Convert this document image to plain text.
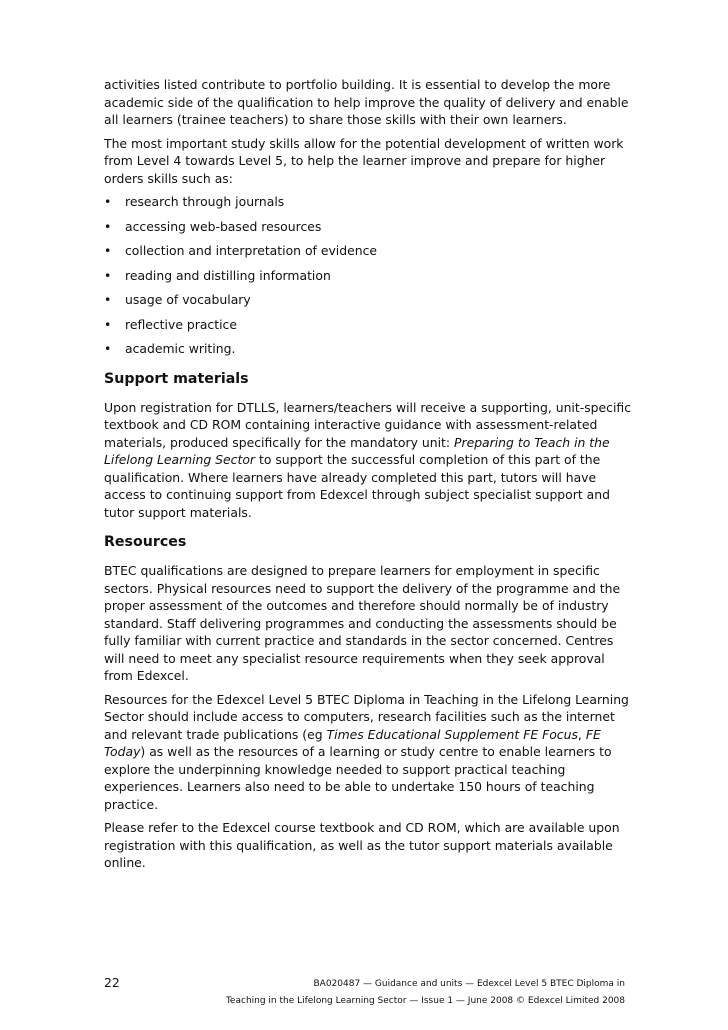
activities listed contribute to portfolio building. It is essential to develop the more academic side of the qualification to help improve the quality of delivery and enable all learners (trainee teachers) to share those skills with their own learners.

The most important study skills allow for the potential development of written work from Level 4 towards Level 5, to help the learner improve and prepare for higher orders skills such as:

• research through journals
• accessing web-based resources
• collection and interpretation of evidence
• reading and distilling information
• usage of vocabulary
• reflective practice
• academic writing.
Support materials

Upon registration for DTLLS, learners/teachers will receive a supporting, unit-specific textbook and CD ROM containing interactive guidance with assessment-related materials, produced specifically for the mandatory unit: Preparing to Teach in the Lifelong Learning Sector to support the successful completion of this part of the qualification. Where learners have already completed this part, tutors will have access to continuing support from Edexcel through subject specialist support and tutor support materials.

Resources

BTEC qualifications are designed to prepare learners for employment in specific sectors. Physical resources need to support the delivery of the programme and the proper assessment of the outcomes and therefore should normally be of industry standard. Staff delivering programmes and conducting the assessments should be fully familiar with current practice and standards in the sector concerned. Centres will need to meet any specialist resource requirements when they seek approval from Edexcel.

Resources for the Edexcel Level 5 BTEC Diploma in Teaching in the Lifelong Learning Sector should include access to computers, research facilities such as the internet and relevant trade publications (eg Times Educational Supplement FE Focus, FE Today) as well as the resources of a learning or study centre to enable learners to explore the underpinning knowledge needed to support practical teaching experiences. Learners also need to be able to undertake 150 hours of teaching practice.

Please refer to the Edexcel course textbook and CD ROM, which are available upon registration with this qualification, as well as the tutor support materials available online.

22	BA020487 — Guidance and units — Edexcel Level 5 BTEC Diploma in
Teaching in the Lifelong Learning Sector — Issue 1 — June 2008 © Edexcel Limited 2008
